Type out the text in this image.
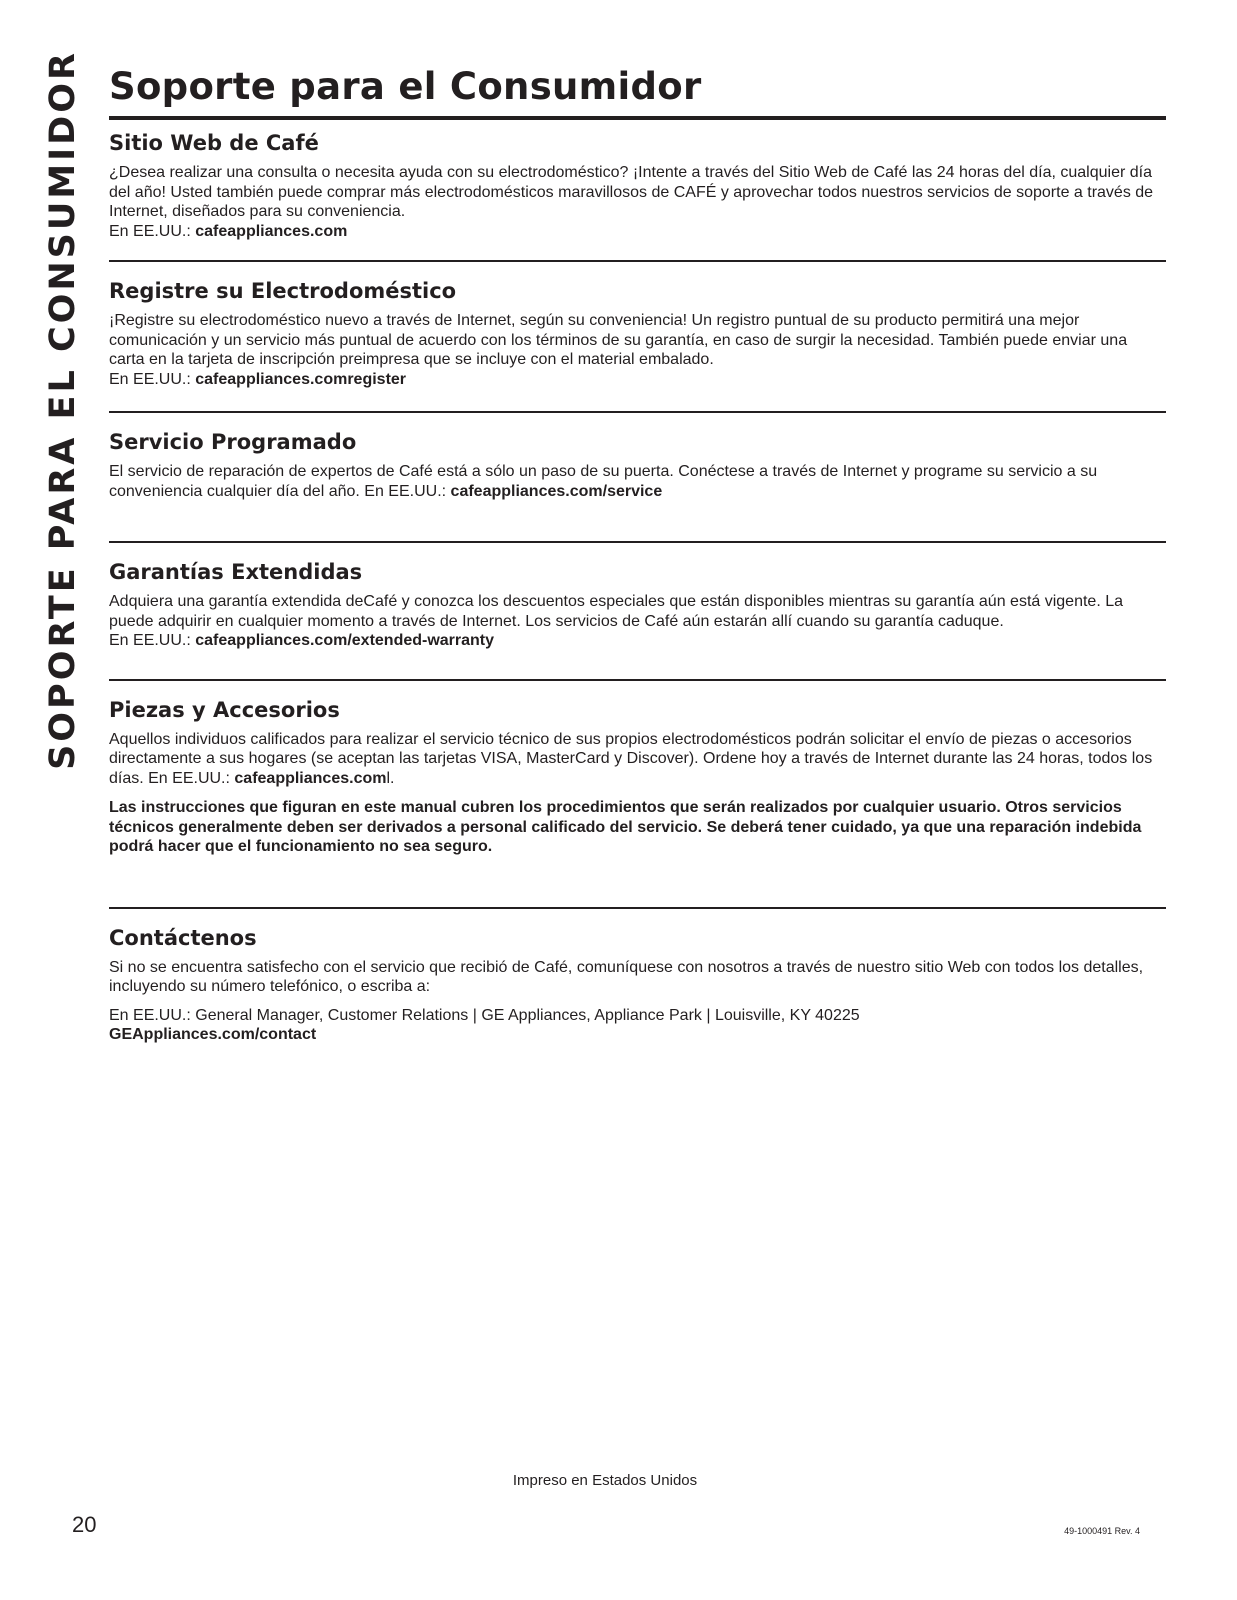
SOPORTE PARA EL CONSUMIDOR Soporte para el Consumidor
Sitio Web de Café

¿Desea realizar una consulta o necesita ayuda con su electrodoméstico? ¡Intente a través del Sitio Web de Café las 24 horas del día, cualquier día del año! Usted también puede comprar más electrodomésticos maravillosos de CAFÉ y aprovechar todos nuestros servicios de soporte a través de Internet, diseñados para su conveniencia.
En EE.UU.: cafeappliances.com

Registre su Electrodoméstico

¡Registre su electrodoméstico nuevo a través de Internet, según su conveniencia! Un registro puntual de su producto permitirá una mejor comunicación y un servicio más puntual de acuerdo con los términos de su garantía, en caso de surgir la necesidad. También puede enviar una carta en la tarjeta de inscripción preimpresa que se incluye con el material embalado.
En EE.UU.: cafeappliances.comregister

Servicio Programado

El servicio de reparación de expertos de Café está a sólo un paso de su puerta. Conéctese a través de Internet y programe su servicio a su conveniencia cualquier día del año. En EE.UU.: cafeappliances.com/service

Garantías Extendidas

Adquiera una garantía extendida deCafé y conozca los descuentos especiales que están disponibles mientras su garantía aún está vigente. La puede adquirir en cualquier momento a través de Internet. Los servicios de Café aún estarán allí cuando su garantía caduque.
En EE.UU.: cafeappliances.com/extended-warranty

Piezas y Accesorios

Aquellos individuos calificados para realizar el servicio técnico de sus propios electrodomésticos podrán solicitar el envío de piezas o accesorios directamente a sus hogares (se aceptan las tarjetas VISA, MasterCard y Discover). Ordene hoy a través de Internet durante las 24 horas, todos los días. En EE.UU.: cafeappliances.coml.

Las instrucciones que figuran en este manual cubren los procedimientos que serán realizados por cualquier usuario. Otros servicios técnicos generalmente deben ser derivados a personal calificado del servicio. Se deberá tener cuidado, ya que una reparación indebida podrá hacer que el funcionamiento no sea seguro.

Contáctenos

Si no se encuentra satisfecho con el servicio que recibió de Café, comuníquese con nosotros a través de nuestro sitio Web con todos los detalles, incluyendo su número telefónico, o escriba a:

En EE.UU.: General Manager, Customer Relations | GE Appliances, Appliance Park | Louisville, KY 40225
GEAppliances.com/contact

Impreso en Estados Unidos
20	49-1000491 Rev. 4
